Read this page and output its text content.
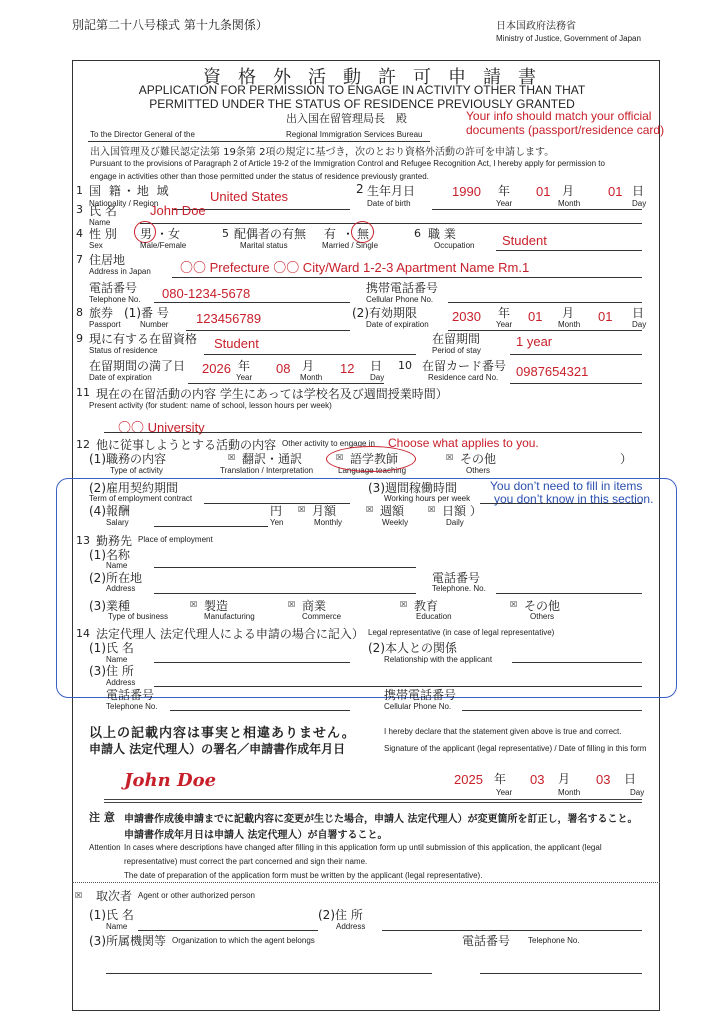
別記第二十八号様式 第十九条関係）	日本国政府法務省
Ministry of Justice, Government of Japan
資格外活動許可申請書
APPLICATION FOR PERMISSION TO ENGAGE IN ACTIVITY OTHER THAN THAT
PERMITTED UNDER THE STATUS OF RESIDENCE PREVIOUSLY GRANTED
出入国在留管理局長　殿
To the Director General of the	Regional Immigration Services Bureau
Your info should match your official
documents (passport/residence card)
出入国管理及び難民認定法第 19条第 2項の規定に基づき，次のとおり資格外活動の許可を申請します。
Pursuant to the provisions of Paragraph 2 of Article 19-2 of the Immigration Control and Refugee Recognition Act, I hereby apply for permission to
engage in activities other than those permitted under the status of residence previously granted.
1 国 籍・地 域
Nationality / Region	United States	2 生年月日
Date of birth
1990 年
Year
01 月
Month
01 日
Day
3 氏 名
Name
John Doe
4 性 別
Sex
男 ・女
Male/Female
5 配偶者の有無
Marital status
有 ・ 無
Married / Single
6 職 業
Occupation Student
7 住居地
Address in Japan 〇〇 Prefecture 〇〇 City/Ward 1-2-3 Apartment Name Rm.1
電話番号
Telephone No. 080-1234-5678	携帯電話番号
Cellular Phone No.
8 旅券 (1)番 号
Passport Number 123456789	(2)有効期限
Date of expiration
2030 年
Year
01 月
Month
01 日
Day
9 現に有する在留資格
Status of residence	Student	在留期間
Period of stay
1 year
在留期間の満了日
Date of expiration
2026 年
Year
08 月
Month
12 日
Day
10 在留カード番号
Residence card No. 0987654321
11 現在の在留活動の内容 学生にあっては学校名及び週間授業時間）
Present activity (for student: name of school, lesson hours per week)
〇〇 University
12 他に従事しようとする活動の内容 Other activity to engage in Choose what applies to you.
(1)職務の内容
Type of activity
☒ 翻訳・通訳
Translation / Interpretation
☒ 語学教師
Language teaching
☒ その他
Others
）
You don’t need to fill in items
you don’t know in this section.
(2)雇用契約期間
Term of employment contract
(3)週間稼働時間
Working hours per week
(4)報酬
Salary
円
Yen
☒ 月額
Monthly
☒ 週額
Weekly
☒ 日額 ）
Daily
13 勤務先 Place of employment
(1)名称
Name
(2)所在地
Address
電話番号
Telephone. No.
(3)業種
Type of business
☒ 製造
Manufacturing
☒ 商業
Commerce
☒ 教育
Education
☒ その他
Others
14 法定代理人 法定代理人による申請の場合に記入） Legal representative (in case of legal representative)
(1)氏 名
Name
(2)本人との関係
Relationship with the applicant
(3)住 所
Address
電話番号
Telephone No.
携帯電話番号
Cellular Phone No.
以上の記載内容は事実と相違ありません。	I hereby declare that the statement given above is true and correct.
申請人 法定代理人）の署名／申請書作成年月日	Signature of the applicant (legal representative) / Date of filling in this form
John Doe	2025 年
Year
03 月
Month
03 日
Day
注 意 申請書作成後申請までに記載内容に変更が生じた場合，申請人 法定代理人）が変更箇所を訂正し，署名すること。
申請書作成年月日は申請人 法定代理人）が自署すること。
Attention In cases where descriptions have changed after filling in this application form up until submission of this application, the applicant (legal
representative) must correct the part concerned and sign their name.
The date of preparation of the application form must be written by the applicant (legal representative).
☒ 取次者 Agent or other authorized person
(1)氏 名
Name
(2)住 所
Address
(3)所属機関等 Organization to which the agent belongs	電話番号 Telephone No.
